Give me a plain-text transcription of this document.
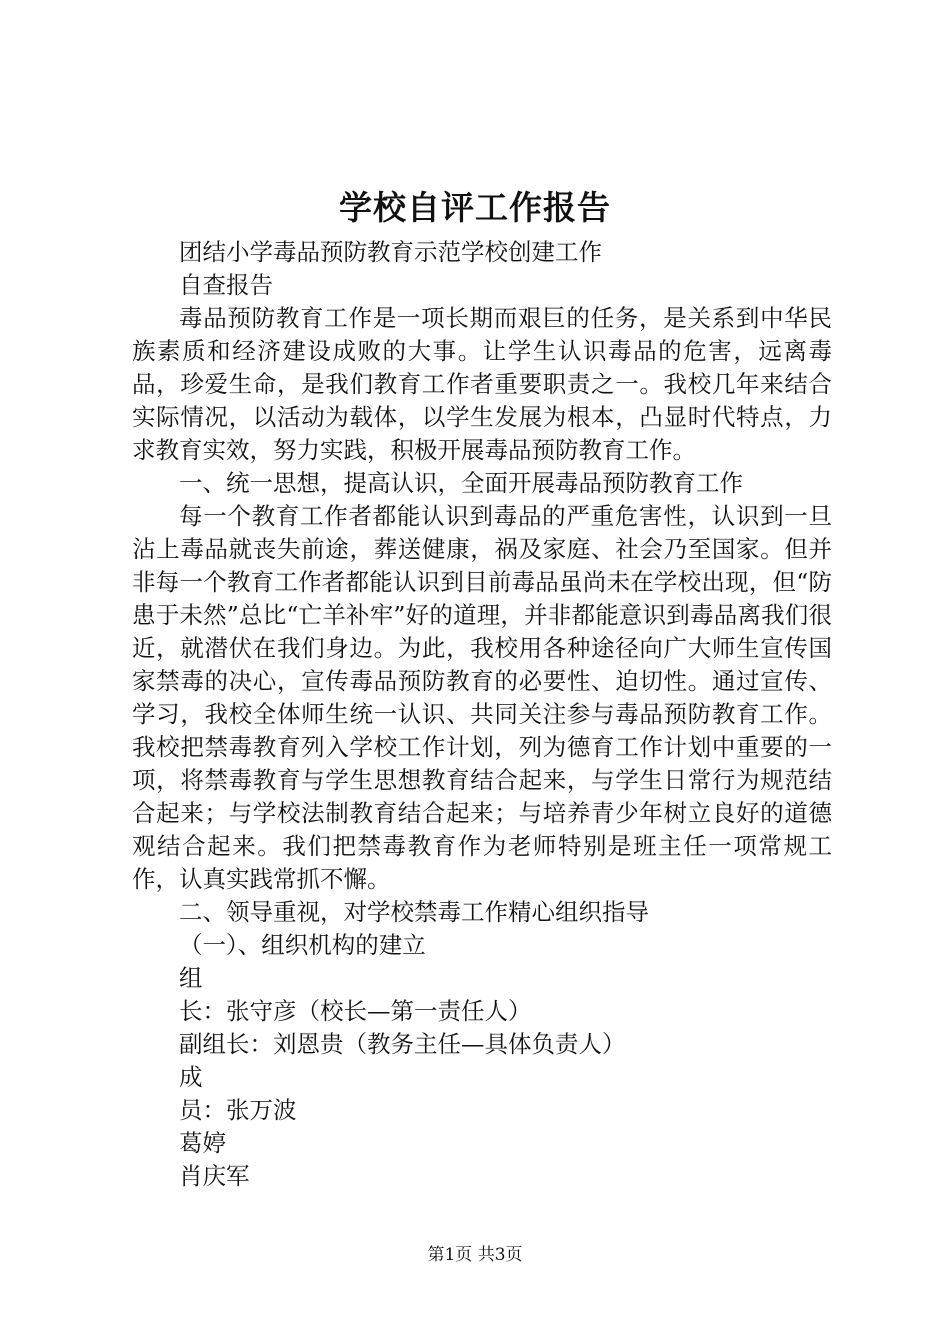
学校自评工作报告

团结小学毒品预防教育示范学校创建工作

自查报告

毒品预防教育工作是一项长期而艰巨的任务，是关系到中华民族素质和经济建设成败的大事。让学生认识毒品的危害，远离毒品，珍爱生命，是我们教育工作者重要职责之一。我校几年来结合实际情况，以活动为载体，以学生发展为根本，凸显时代特点，力求教育实效，努力实践，积极开展毒品预防教育工作。

一、统一思想，提高认识，全面开展毒品预防教育工作

每一个教育工作者都能认识到毒品的严重危害性，认识到一旦沾上毒品就丧失前途，葬送健康，祸及家庭、社会乃至国家。但并非每一个教育工作者都能认识到目前毒品虽尚未在学校出现，但“防患于未然”总比“亡羊补牢”好的道理，并非都能意识到毒品离我们很近，就潜伏在我们身边。为此，我校用各种途径向广大师生宣传国家禁毒的决心，宣传毒品预防教育的必要性、迫切性。通过宣传、学习，我校全体师生统一认识、共同关注参与毒品预防教育工作。我校把禁毒教育列入学校工作计划，列为德育工作计划中重要的一项，将禁毒教育与学生思想教育结合起来，与学生日常行为规范结合起来；与学校法制教育结合起来；与培养青少年树立良好的道德观结合起来。我们把禁毒教育作为老师特别是班主任一项常规工作，认真实践常抓不懈。

二、领导重视，对学校禁毒工作精心组织指导

（一）、组织机构的建立

组

长：张守彦（校长—第一责任人）

副组长：刘恩贵（教务主任—具体负责人）

成

员：张万波

葛婷

肖庆军

第1页 共3页
